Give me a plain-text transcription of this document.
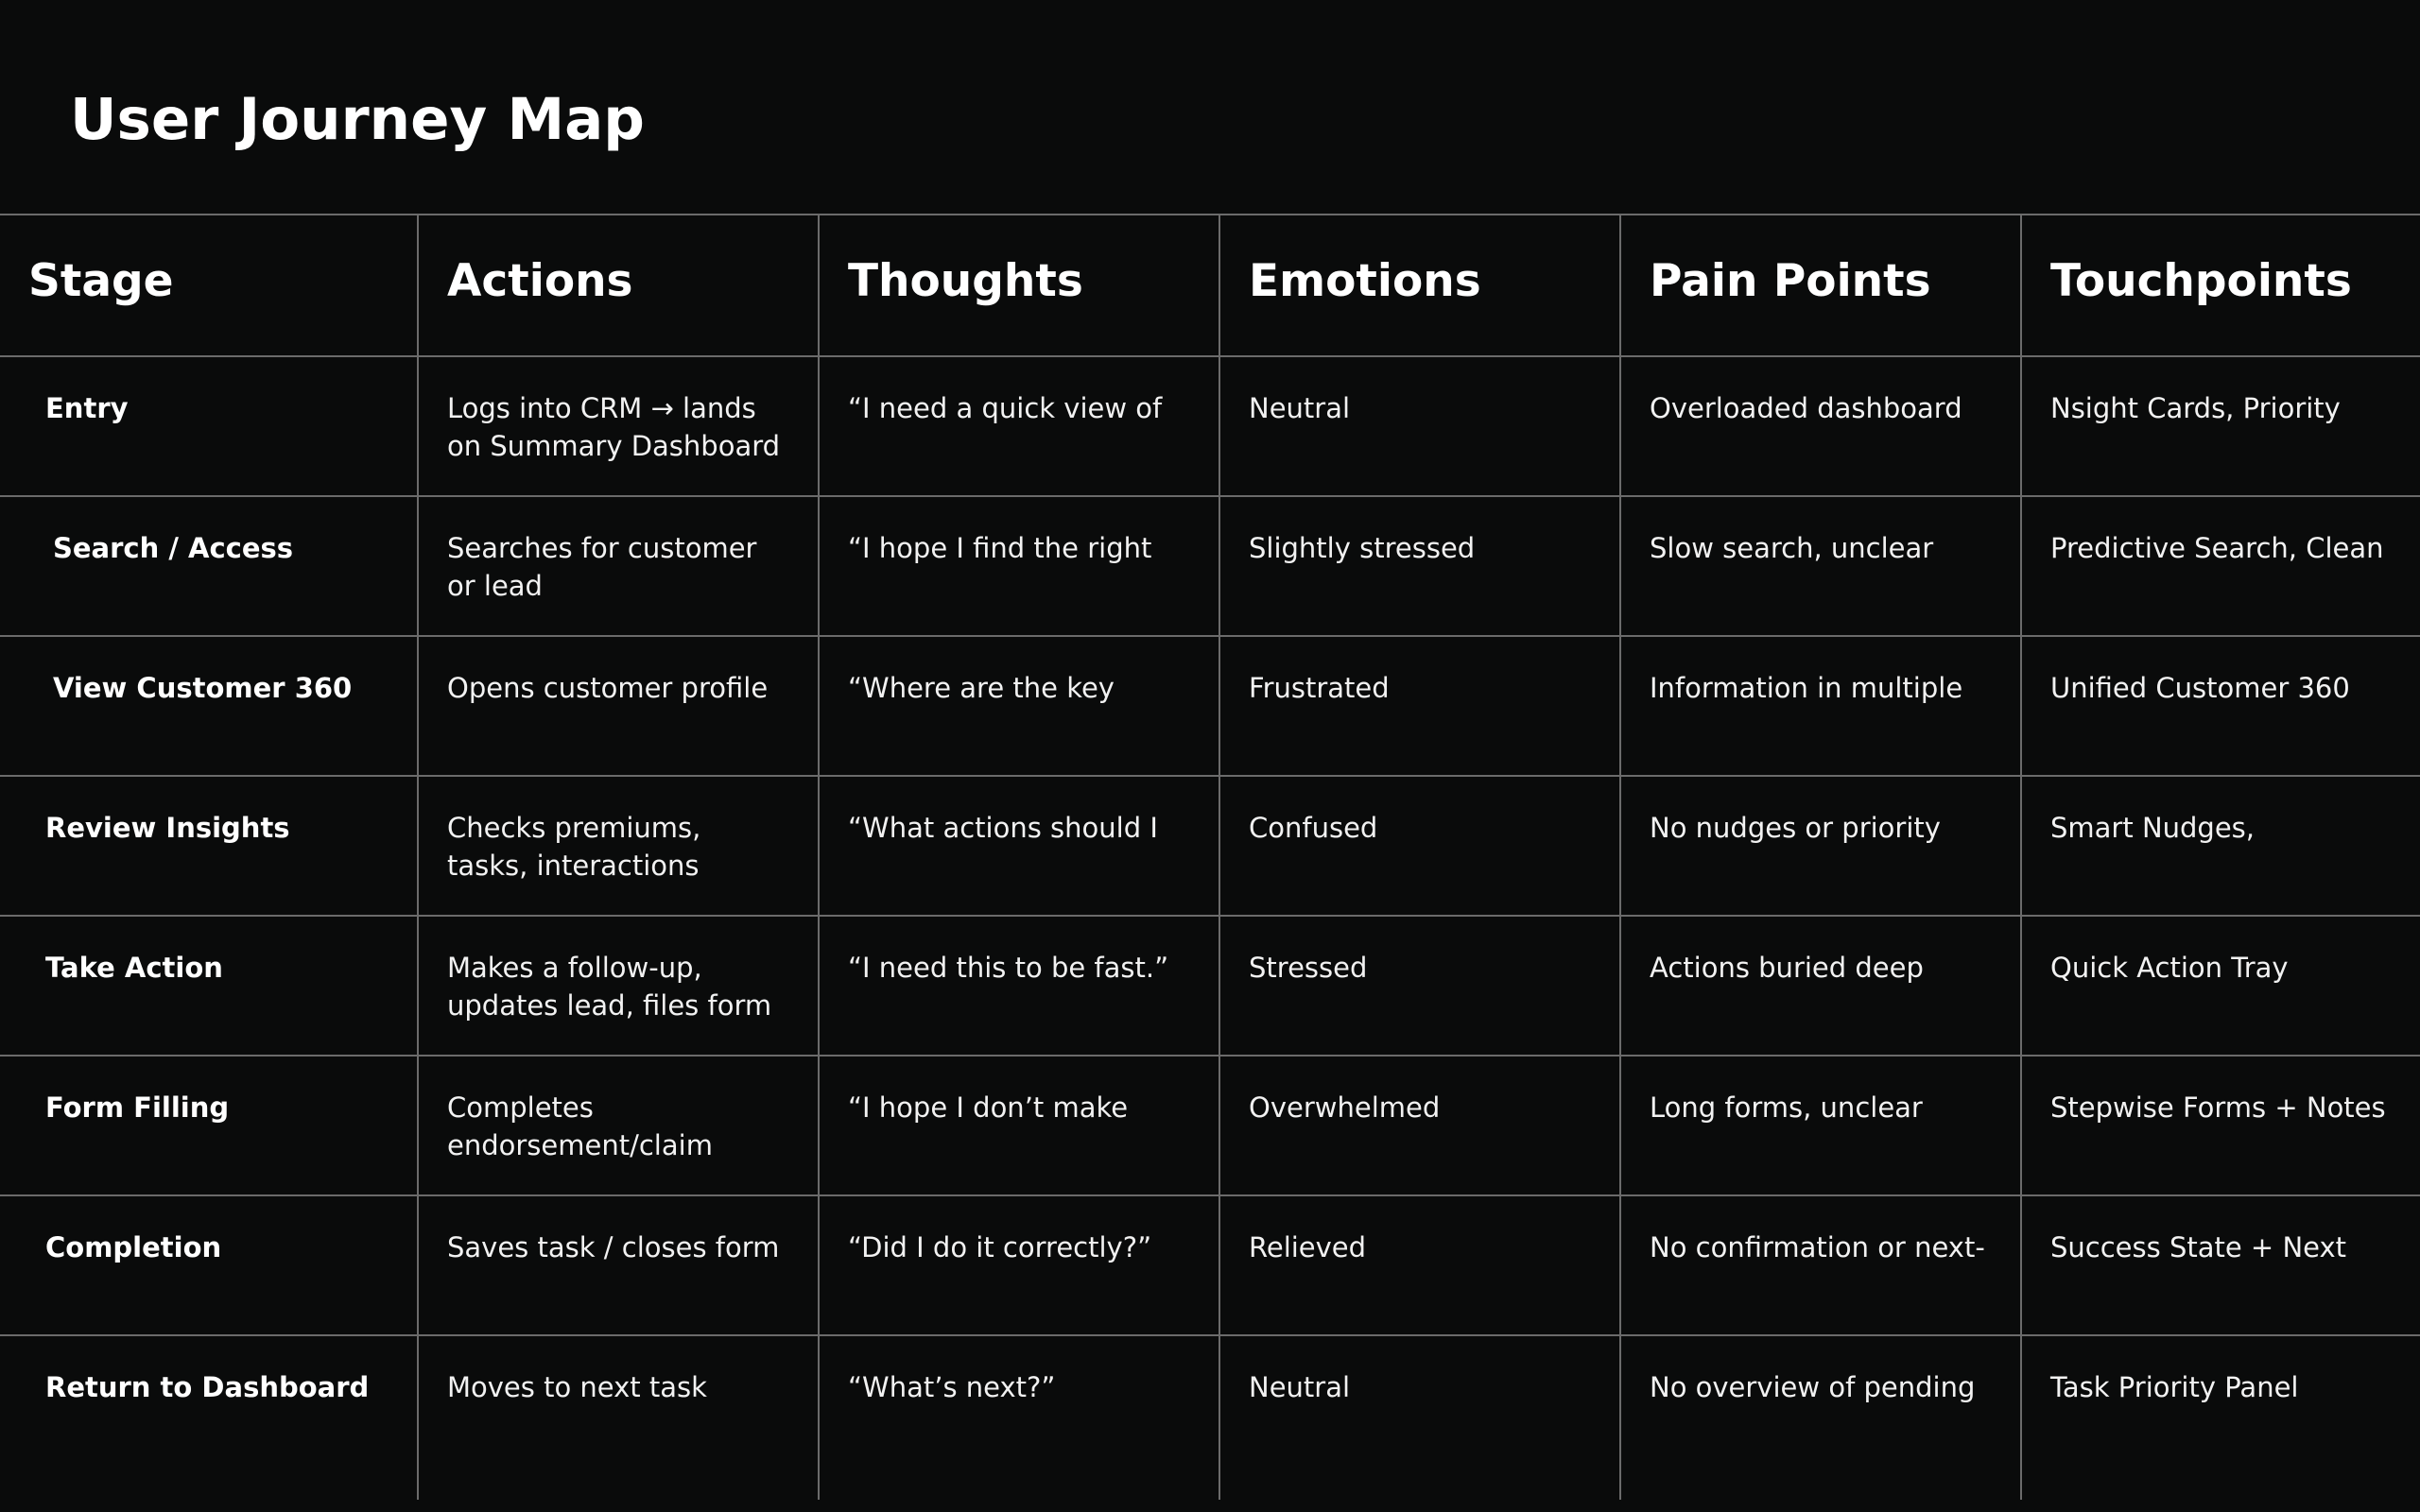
User Journey Map
Stage	Actions	Thoughts	Emotions	Pain Points	Touchpoints
Entry	Logs into CRM → lands on Summary Dashboard	“I need a quick view of	Neutral	Overloaded dashboard	Nsight Cards, Priority
Search / Access	Searches for customer or lead	“I hope I find the right	Slightly stressed	Slow search, unclear	Predictive Search, Clean
View Customer 360	Opens customer profile	“Where are the key	Frustrated	Information in multiple	Unified Customer 360
Review Insights	Checks premiums, tasks, interactions	“What actions should I	Confused	No nudges or priority	Smart Nudges,
Take Action	Makes a follow-up, updates lead, files form	“I need this to be fast.”	Stressed	Actions buried deep	Quick Action Tray
Form Filling	Completes endorsement/claim	“I hope I don’t make	Overwhelmed	Long forms, unclear	Stepwise Forms + Notes
Completion	Saves task / closes form	“Did I do it correctly?”	Relieved	No confirmation or next-	Success State + Next
Return to Dashboard	Moves to next task	“What’s next?”	Neutral	No overview of pending	Task Priority Panel
